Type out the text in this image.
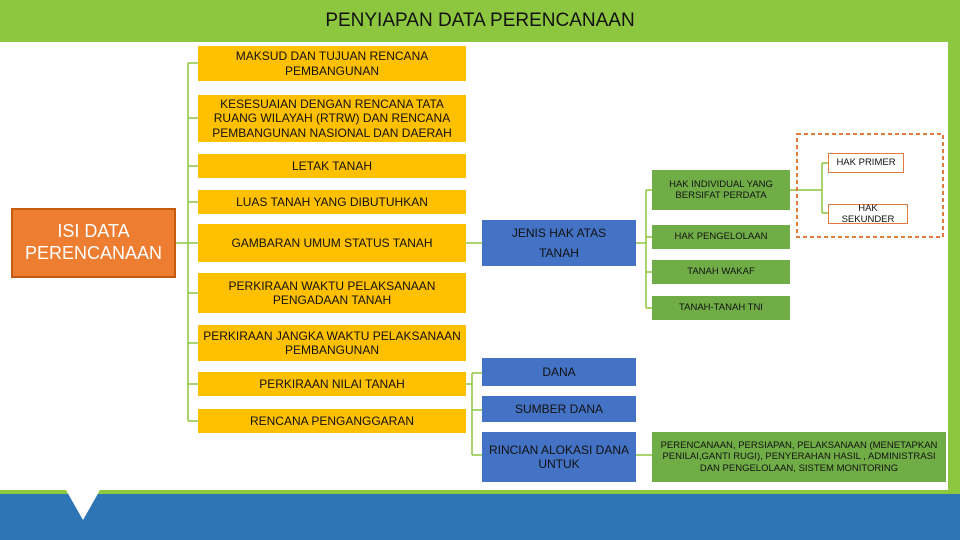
PENYIAPAN DATA PERENCANAAN
ISI DATA PERENCANAAN
MAKSUD DAN TUJUAN RENCANA PEMBANGUNAN
KESESUAIAN DENGAN RENCANA TATA RUANG WILAYAH (RTRW) DAN RENCANA PEMBANGUNAN NASIONAL DAN DAERAH
LETAK TANAH
LUAS TANAH YANG DIBUTUHKAN
GAMBARAN UMUM STATUS TANAH
PERKIRAAN WAKTU PELAKSANAAN PENGADAAN TANAH
PERKIRAAN JANGKA WAKTU PELAKSANAAN PEMBANGUNAN
PERKIRAAN NILAI TANAH
RENCANA PENGANGGARAN
JENIS HAK ATAS TANAH
HAK INDIVIDUAL YANG BERSIFAT PERDATA
HAK PENGELOLAAN
TANAH WAKAF
TANAH-TANAH TNI
HAK PRIMER
HAK SEKUNDER
DANA
SUMBER DANA
RINCIAN ALOKASI DANA UNTUK
PERENCANAAN, PERSIAPAN, PELAKSANAAN (MENETAPKAN PENILAI,GANTI RUGI), PENYERAHAN HASIL , ADMINISTRASI DAN PENGELOLAAN, SISTEM MONITORING
